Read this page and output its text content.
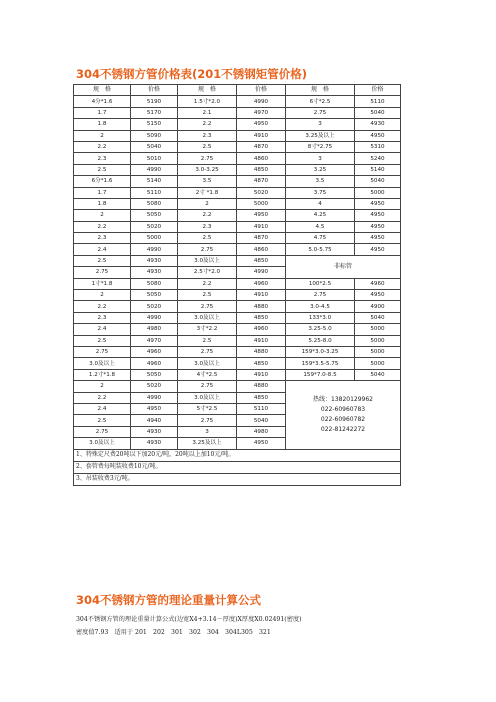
304不锈钢方管价格表(201不锈钢矩管价格)
规　格	价格	规　格	价格	规　格	价格
4分*1.6	5190	1.5寸*2.0	4990	6寸*2.5	5110
1.7	5170	2.1	4970	2.75	5040
1.8	5150	2.2	4950	3	4930
2	5090	2.3	4910	3.25及以上	4950
2.2	5040	2.5	4870	8寸*2.75	5310
2.3	5010	2.75	4860	3	5240
2.5	4990	3.0-3.25	4850	3.25	5140
6分*1.6	5140	3.5	4870	3.5	5040
1.7	5110	2寸 *1.8	5020	3.75	5000
1.8	5080	2	5000	4	4950
2	5050	2.2	4950	4.25	4950
2.2	5020	2.3	4910	4.5	4950
2.3	5000	2.5	4870	4.75	4950
2.4	4990	2.75	4860	5.0-5.75	4950
2.5	4930	3.0及以上	4850	非标管	
2.75	4930	2.5寸*2.0	4990		
1寸*1.8	5080	2.2	4960	100*2.5	4960
2	5050	2.5	4910	2.75	4950
2.2	5020	2.75	4880	3.0-4.5	4900
2.3	4990	3.0及以上	4850	133*3.0	5040
2.4	4980	3寸*2.2	4960	3.25-5.0	5000
2.5	4970	2.5	4910	5.25-8.0	5000
2.75	4960	2.75	4880	159*3.0-3.25	5000
3.0及以上	4960	3.0及以上	4850	159*3.5-5.75	5000
1.2寸*1.8	5050	4寸*2.5	4910	159*7.0-8.5	5040
2	5020	2.75	4880	热线：13820129962
022-60960783
022-60960782
022-81242272	

2.2	4990	3.0及以上	4850		
2.4	4950	5寸*2.5	5110		
2.5	4940	2.75	5040		
2.75	4930	3	4980		
3.0及以上	4930	3.25及以上	4950		
1、特殊定尺费20吨以下加20元/吨，20吨以上加10元/吨。					
2、套管费每吨装收费10元/吨。					
3、吊装收费3元/吨。					
304不锈钢方管的理论重量计算公式

304不锈钢方管的理论重量计算公式(边宽X4+3.14－厚度)X厚度X0.02491(密度)

密度值7.93　适用于 201　202　301　302　304　304L305　321
